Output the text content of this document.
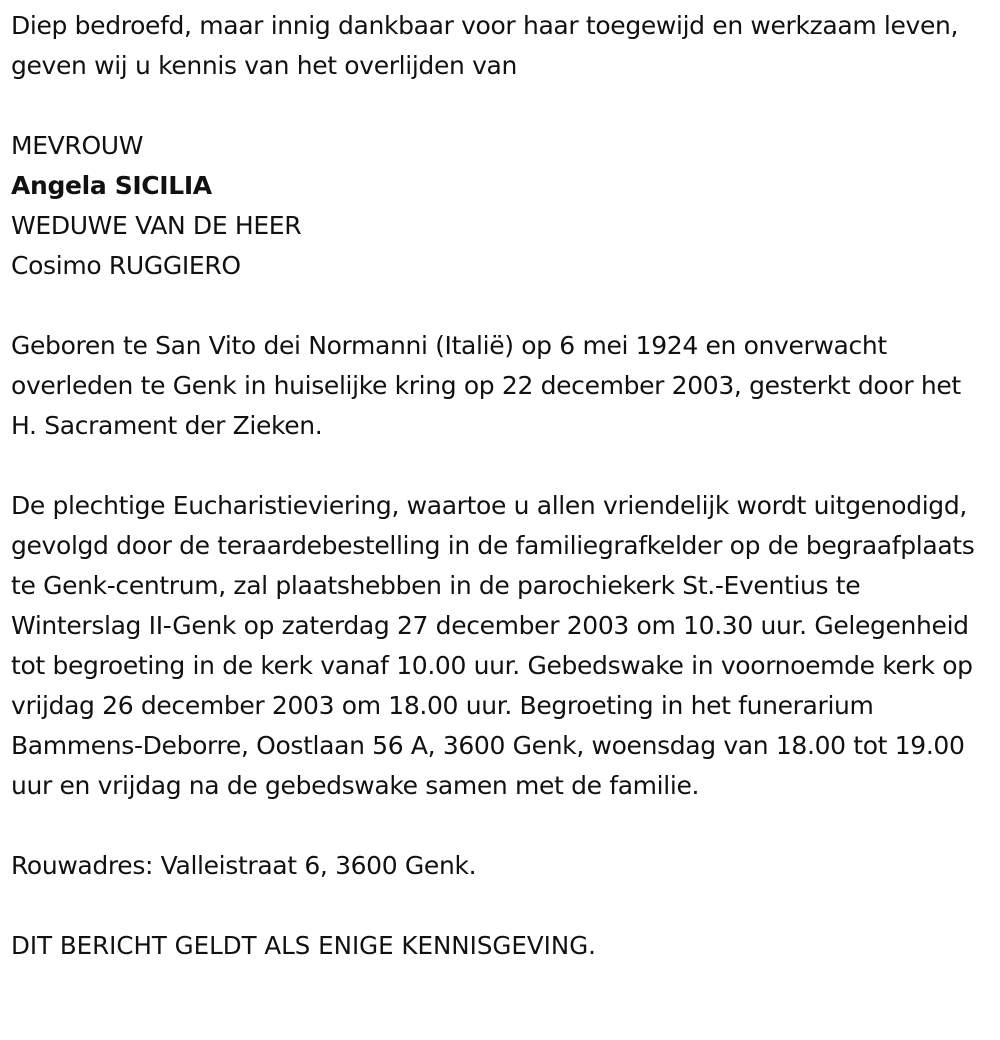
Diep bedroefd, maar innig dankbaar voor haar toegewijd en werkzaam leven, geven wij u kennis van het overlijden van

MEVROUW

Angela SICILIA

WEDUWE VAN DE HEER

Cosimo RUGGIERO

Geboren te San Vito dei Normanni (Italië) op 6 mei 1924 en onverwacht overleden te Genk in huiselijke kring op 22 december 2003, gesterkt door het H. Sacrament der Zieken.

De plechtige Eucharistieviering, waartoe u allen vriendelijk wordt uitgenodigd, gevolgd door de teraardebestelling in de familiegrafkelder op de begraafplaats te Genk-centrum, zal plaatshebben in de parochiekerk St.-Eventius te Winterslag II-Genk op zaterdag 27 december 2003 om 10.30 uur. Gelegenheid tot begroeting in de kerk vanaf 10.00 uur. Gebedswake in voornoemde kerk op vrijdag 26 december 2003 om 18.00 uur. Begroeting in het funerarium Bammens-Deborre, Oostlaan 56 A, 3600 Genk, woensdag van 18.00 tot 19.00 uur en vrijdag na de gebedswake samen met de familie.

Rouwadres: Valleistraat 6, 3600 Genk.

DIT BERICHT GELDT ALS ENIGE KENNISGEVING.
